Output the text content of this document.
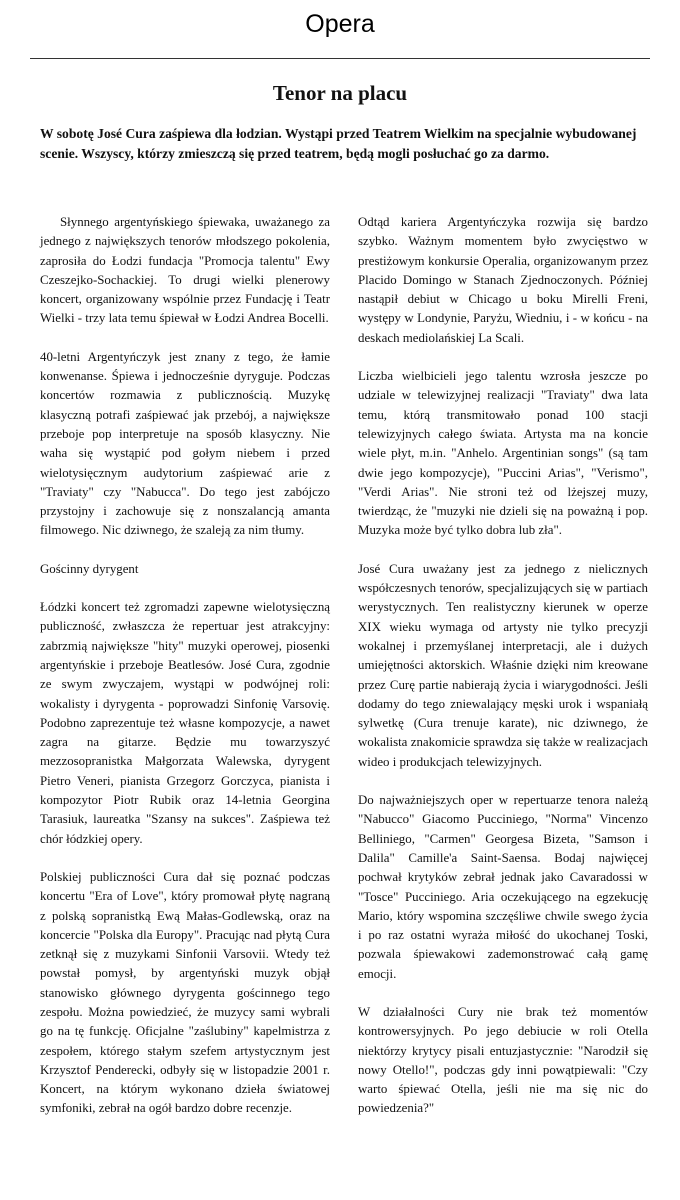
Opera
Tenor na placu

W sobotę José Cura zaśpiewa dla łodzian. Wystąpi przed Teatrem Wielkim na specjalnie wybudowanej scenie. Wszyscy, którzy zmieszczą się przed teatrem, będą mogli posłuchać go za darmo.

Słynnego argentyńskiego śpiewaka, uważanego za jednego z największych tenorów młodszego pokolenia, zaprosiła do Łodzi fundacja "Promocja talentu" Ewy Czeszejko-Sochackiej. To drugi wielki plenerowy koncert, organizowany wspólnie przez Fundację i Teatr Wielki - trzy lata temu śpiewał w Łodzi Andrea Bocelli.

40-letni Argentyńczyk jest znany z tego, że łamie konwenanse. Śpiewa i jednocześnie dyryguje. Podczas koncertów rozmawia z publicznością. Muzykę klasyczną potrafi zaśpiewać jak przebój, a największe przeboje pop interpretuje na sposób klasyczny. Nie waha się wystąpić pod gołym niebem i przed wielotysięcznym audytorium zaśpiewać arie z "Traviaty" czy "Nabucca". Do tego jest zabójczo przystojny i zachowuje się z nonszalancją amanta filmowego. Nic dziwnego, że szaleją za nim tłumy.

Gościnny dyrygent

Łódzki koncert też zgromadzi zapewne wielotysięczną publiczność, zwłaszcza że repertuar jest atrakcyjny: zabrzmią największe "hity" muzyki operowej, piosenki argentyńskie i przeboje Beatlesów. José Cura, zgodnie ze swym zwyczajem, wystąpi w podwójnej roli: wokalisty i dyrygenta - poprowadzi Sinfonię Varsovię. Podobno zaprezentuje też własne kompozycje, a nawet zagra na gitarze. Będzie mu towarzyszyć mezzosopranistka Małgorzata Walewska, dyrygent Pietro Veneri, pianista Grzegorz Gorczyca, pianista i kompozytor Piotr Rubik oraz 14-letnia Georgina Tarasiuk, laureatka "Szansy na sukces". Zaśpiewa też chór łódzkiej opery.

Polskiej publiczności Cura dał się poznać podczas koncertu "Era of Love", który promował płytę nagraną z polską sopranistką Ewą Małas-Godlewską, oraz na koncercie "Polska dla Europy". Pracując nad płytą Cura zetknął się z muzykami Sinfonii Varsovii. Wtedy też powstał pomysł, by argentyński muzyk objął stanowisko głównego dyrygenta gościnnego tego zespołu. Można powiedzieć, że muzycy sami wybrali go na tę funkcję. Oficjalne "zaślubiny" kapelmistrza z zespołem, którego stałym szefem artystycznym jest Krzysztof Penderecki, odbyły się w listopadzie 2001 r. Koncert, na którym wykonano dzieła światowej symfoniki, zebrał na ogół bardzo dobre recenzje.

Odtąd kariera Argentyńczyka rozwija się bardzo szybko. Ważnym momentem było zwycięstwo w prestiżowym konkursie Operalia, organizowanym przez Placido Domingo w Stanach Zjednoczonych. Później nastąpił debiut w Chicago u boku Mirelli Freni, występy w Londynie, Paryżu, Wiedniu, i - w końcu - na deskach mediolańskiej La Scali.

Liczba wielbicieli jego talentu wzrosła jeszcze po udziale w telewizyjnej realizacji "Traviaty" dwa lata temu, którą transmitowało ponad 100 stacji telewizyjnych całego świata. Artysta ma na koncie wiele płyt, m.in. "Anhelo. Argentinian songs" (są tam dwie jego kompozycje), "Puccini Arias", "Verismo", "Verdi Arias". Nie stroni też od lżejszej muzy, twierdząc, że "muzyki nie dzieli się na poważną i pop. Muzyka może być tylko dobra lub zła".

José Cura uważany jest za jednego z nielicznych współczesnych tenorów, specjalizujących się w partiach werystycznych. Ten realistyczny kierunek w operze XIX wieku wymaga od artysty nie tylko precyzji wokalnej i przemyślanej interpretacji, ale i dużych umiejętności aktorskich. Właśnie dzięki nim kreowane przez Curę partie nabierają życia i wiarygodności. Jeśli dodamy do tego zniewalający męski urok i wspaniałą sylwetkę (Cura trenuje karate), nic dziwnego, że wokalista znakomicie sprawdza się także w realizacjach wideo i produkcjach telewizyjnych.

Do najważniejszych oper w repertuarze tenora należą "Nabucco" Giacomo Pucciniego, "Norma" Vincenzo Belliniego, "Carmen" Georgesa Bizeta, "Samson i Dalila" Camille'a Saint-Saensa. Bodaj najwięcej pochwał krytyków zebrał jednak jako Cavaradossi w "Tosce" Pucciniego. Aria oczekującego na egzekucję Mario, który wspomina szczęśliwe chwile swego życia i po raz ostatni wyraża miłość do ukochanej Toski, pozwala śpiewakowi zademonstrować całą gamę emocji.

W działalności Cury nie brak też momentów kontrowersyjnych. Po jego debiucie w roli Otella niektórzy krytycy pisali entuzjastycznie: "Narodził się nowy Otello!", podczas gdy inni powątpiewali: "Czy warto śpiewać Otella, jeśli nie ma się nic do powiedzenia?"
